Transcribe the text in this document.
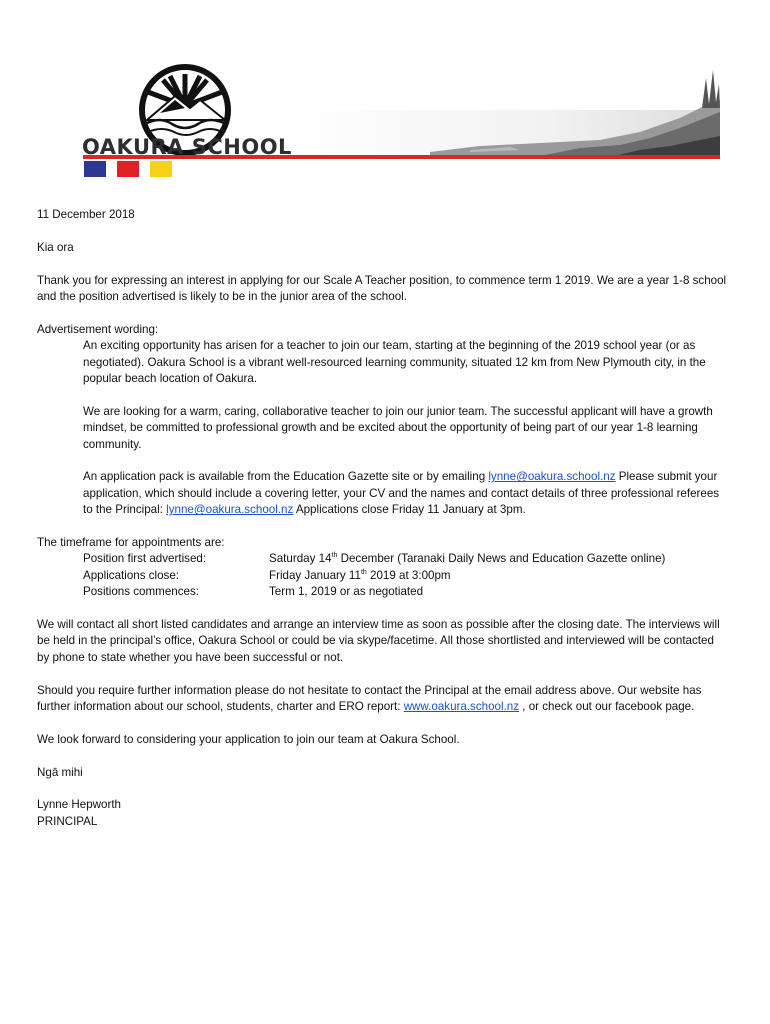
OAKURA SCHOOL

11 December 2018

Kia ora

Thank you for expressing an interest in applying for our Scale A Teacher position, to commence term 1 2019. We are a year 1-8 school and the position advertised is likely to be in the junior area of the school.

Advertisement wording:

An exciting opportunity has arisen for a teacher to join our team, starting at the beginning of the 2019 school year (or as negotiated). Oakura School is a vibrant well-resourced learning community, situated 12 km from New Plymouth city, in the popular beach location of Oakura.

We are looking for a warm, caring, collaborative teacher to join our junior team. The successful applicant will have a growth mindset, be committed to professional growth and be excited about the opportunity of being part of our year 1-8 learning community.

An application pack is available from the Education Gazette site or by emailing lynne@oakura.school.nz Please submit your application, which should include a covering letter, your CV and the names and contact details of three professional referees to the Principal: lynne@oakura.school.nz Applications close Friday 11 January at 3pm.

The timeframe for appointments are:
Position first advertised:	Saturday 14th December (Taranaki Daily News and Education Gazette online)
Applications close:	Friday January 11th 2019 at 3:00pm
Positions commences:	Term 1, 2019 or as negotiated

We will contact all short listed candidates and arrange an interview time as soon as possible after the closing date. The interviews will be held in the principal’s office, Oakura School or could be via skype/facetime. All those shortlisted and interviewed will be contacted by phone to state whether you have been successful or not.

Should you require further information please do not hesitate to contact the Principal at the email address above. Our website has further information about our school, students, charter and ERO report: www.oakura.school.nz , or check out our facebook page.

We look forward to considering your application to join our team at Oakura School.

Ngā mihi

Lynne Hepworth
PRINCIPAL
